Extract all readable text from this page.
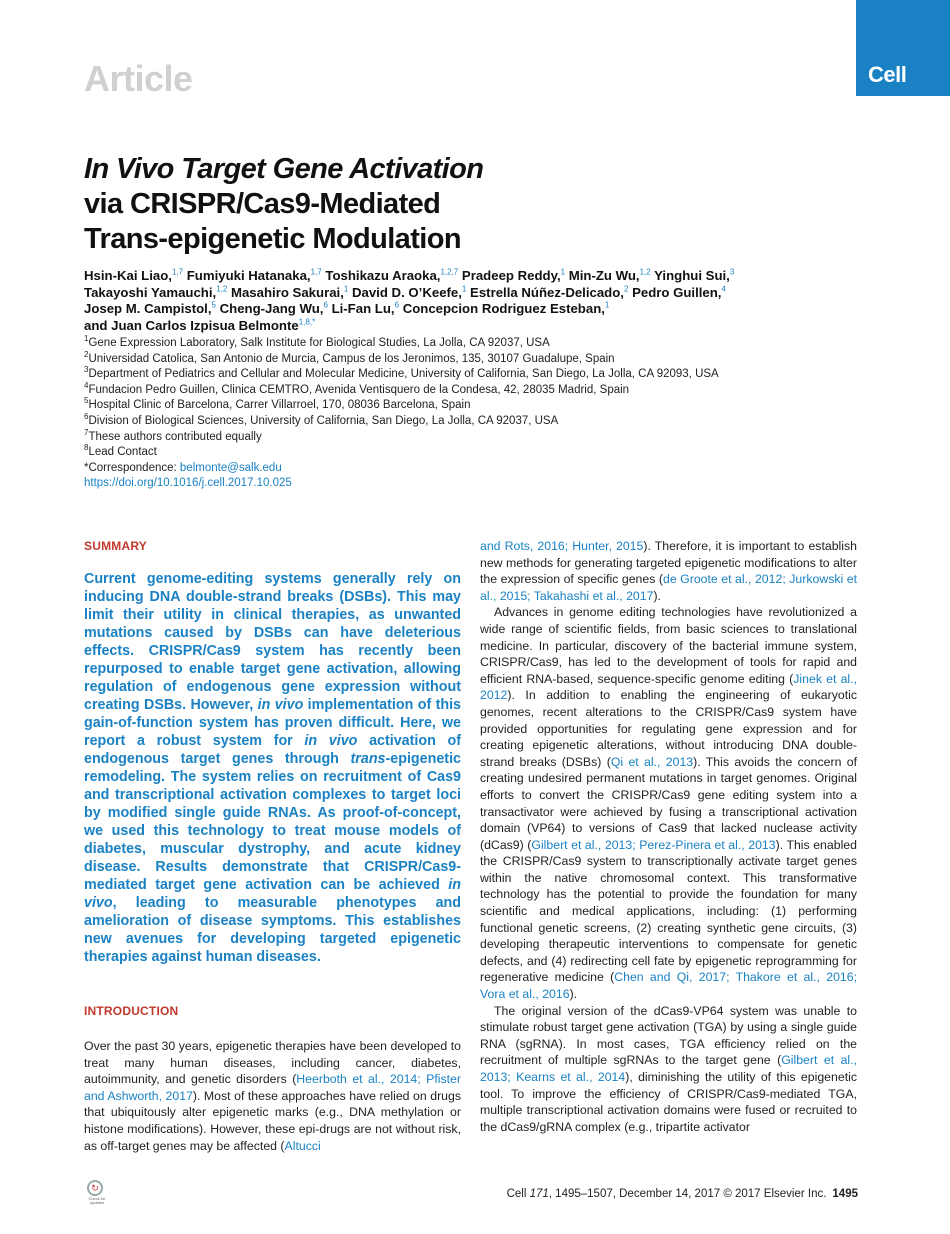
Article	Cell
In Vivo Target Gene Activation
via CRISPR/Cas9-Mediated
Trans-epigenetic Modulation
Hsin-Kai Liao,$^{1,7}$ Fumiyuki Hatanaka,$^{1,7}$ Toshikazu Araoka,$^{1,2,7}$ Pradeep Reddy,$^1$ Min-Zu Wu,$^{1,2}$ Yinghui Sui,$^3$
Takayoshi Yamauchi,$^{1,2}$ Masahiro Sakurai,$^1$ David D. O’Keefe,$^1$ Estrella Núñez-Delicado,$^2$ Pedro Guillen,$^4$
Josep M. Campistol,$^5$ Cheng-Jang Wu,$^6$ Li-Fan Lu,$^6$ Concepcion Rodriguez Esteban,$^1$
and Juan Carlos Izpisua Belmonte$^{1,8,*}$
$^1$Gene Expression Laboratory, Salk Institute for Biological Studies, La Jolla, CA 92037, USA
$^2$Universidad Catolica, San Antonio de Murcia, Campus de los Jeronimos, 135, 30107 Guadalupe, Spain
$^3$Department of Pediatrics and Cellular and Molecular Medicine, University of California, San Diego, La Jolla, CA 92093, USA
$^4$Fundacion Pedro Guillen, Clinica CEMTRO, Avenida Ventisquero de la Condesa, 42, 28035 Madrid, Spain
$^5$Hospital Clinic of Barcelona, Carrer Villarroel, 170, 08036 Barcelona, Spain
$^6$Division of Biological Sciences, University of California, San Diego, La Jolla, CA 92037, USA
$^7$These authors contributed equally
$^8$Lead Contact
*Correspondence: belmonte@salk.edu
https://doi.org/10.1016/j.cell.2017.10.025
SUMMARY
Current genome-editing systems generally rely on inducing DNA double-strand breaks (DSBs). This may limit their utility in clinical therapies, as unwanted mutations caused by DSBs can have deleterious effects. CRISPR/Cas9 system has recently been repurposed to enable target gene activation, allowing regulation of endogenous gene expression without creating DSBs. However, in vivo implementation of this gain-of-function system has proven difficult. Here, we report a robust system for in vivo activation of endogenous target genes through trans-epigenetic remodeling. The system relies on recruitment of Cas9 and transcriptional activation complexes to target loci by modified single guide RNAs. As proof-of-concept, we used this technology to treat mouse models of diabetes, muscular dystrophy, and acute kidney disease. Results demonstrate that CRISPR/Cas9-mediated target gene activation can be achieved in vivo, leading to measurable phenotypes and amelioration of disease symptoms. This establishes new avenues for developing targeted epigenetic therapies against human diseases.
INTRODUCTION
Over the past 30 years, epigenetic therapies have been developed to treat many human diseases, including cancer, diabetes, autoimmunity, and genetic disorders (Heerboth et al., 2014; Pfister and Ashworth, 2017). Most of these approaches have relied on drugs that ubiquitously alter epigenetic marks (e.g., DNA methylation or histone modifications). However, these epi-drugs are not without risk, as off-target genes may be affected (Altucci

and Rots, 2016; Hunter, 2015). Therefore, it is important to establish new methods for generating targeted epigenetic modifications to alter the expression of specific genes (de Groote et al., 2012; Jurkowski et al., 2015; Takahashi et al., 2017).

Advances in genome editing technologies have revolutionized a wide range of scientific fields, from basic sciences to translational medicine. In particular, discovery of the bacterial immune system, CRISPR/Cas9, has led to the development of tools for rapid and efficient RNA-based, sequence-specific genome editing (Jinek et al., 2012). In addition to enabling the engineering of eukaryotic genomes, recent alterations to the CRISPR/Cas9 system have provided opportunities for regulating gene expression and for creating epigenetic alterations, without introducing DNA double-strand breaks (DSBs) (Qi et al., 2013). This avoids the concern of creating undesired permanent mutations in target genomes. Original efforts to convert the CRISPR/Cas9 gene editing system into a transactivator were achieved by fusing a transcriptional activation domain (VP64) to versions of Cas9 that lacked nuclease activity (dCas9) (Gilbert et al., 2013; Perez-Pinera et al., 2013). This enabled the CRISPR/Cas9 system to transcriptionally activate target genes within the native chromosomal context. This transformative technology has the potential to provide the foundation for many scientific and medical applications, including: (1) performing functional genetic screens, (2) creating synthetic gene circuits, (3) developing therapeutic interventions to compensate for genetic defects, and (4) redirecting cell fate by epigenetic reprogramming for regenerative medicine (Chen and Qi, 2017; Thakore et al., 2016; Vora et al., 2016).

The original version of the dCas9-VP64 system was unable to stimulate robust target gene activation (TGA) by using a single guide RNA (sgRNA). In most cases, TGA efficiency relied on the recruitment of multiple sgRNAs to the target gene (Gilbert et al., 2013; Kearns et al., 2014), diminishing the utility of this epigenetic tool. To improve the efficiency of CRISPR/Cas9-mediated TGA, multiple transcriptional activation domains were fused or recruited to the dCas9/gRNA complex (e.g., tripartite activator

↻
Check for updates
Cell 171, 1495–1507, December 14, 2017 © 2017 Elsevier Inc. 1495
